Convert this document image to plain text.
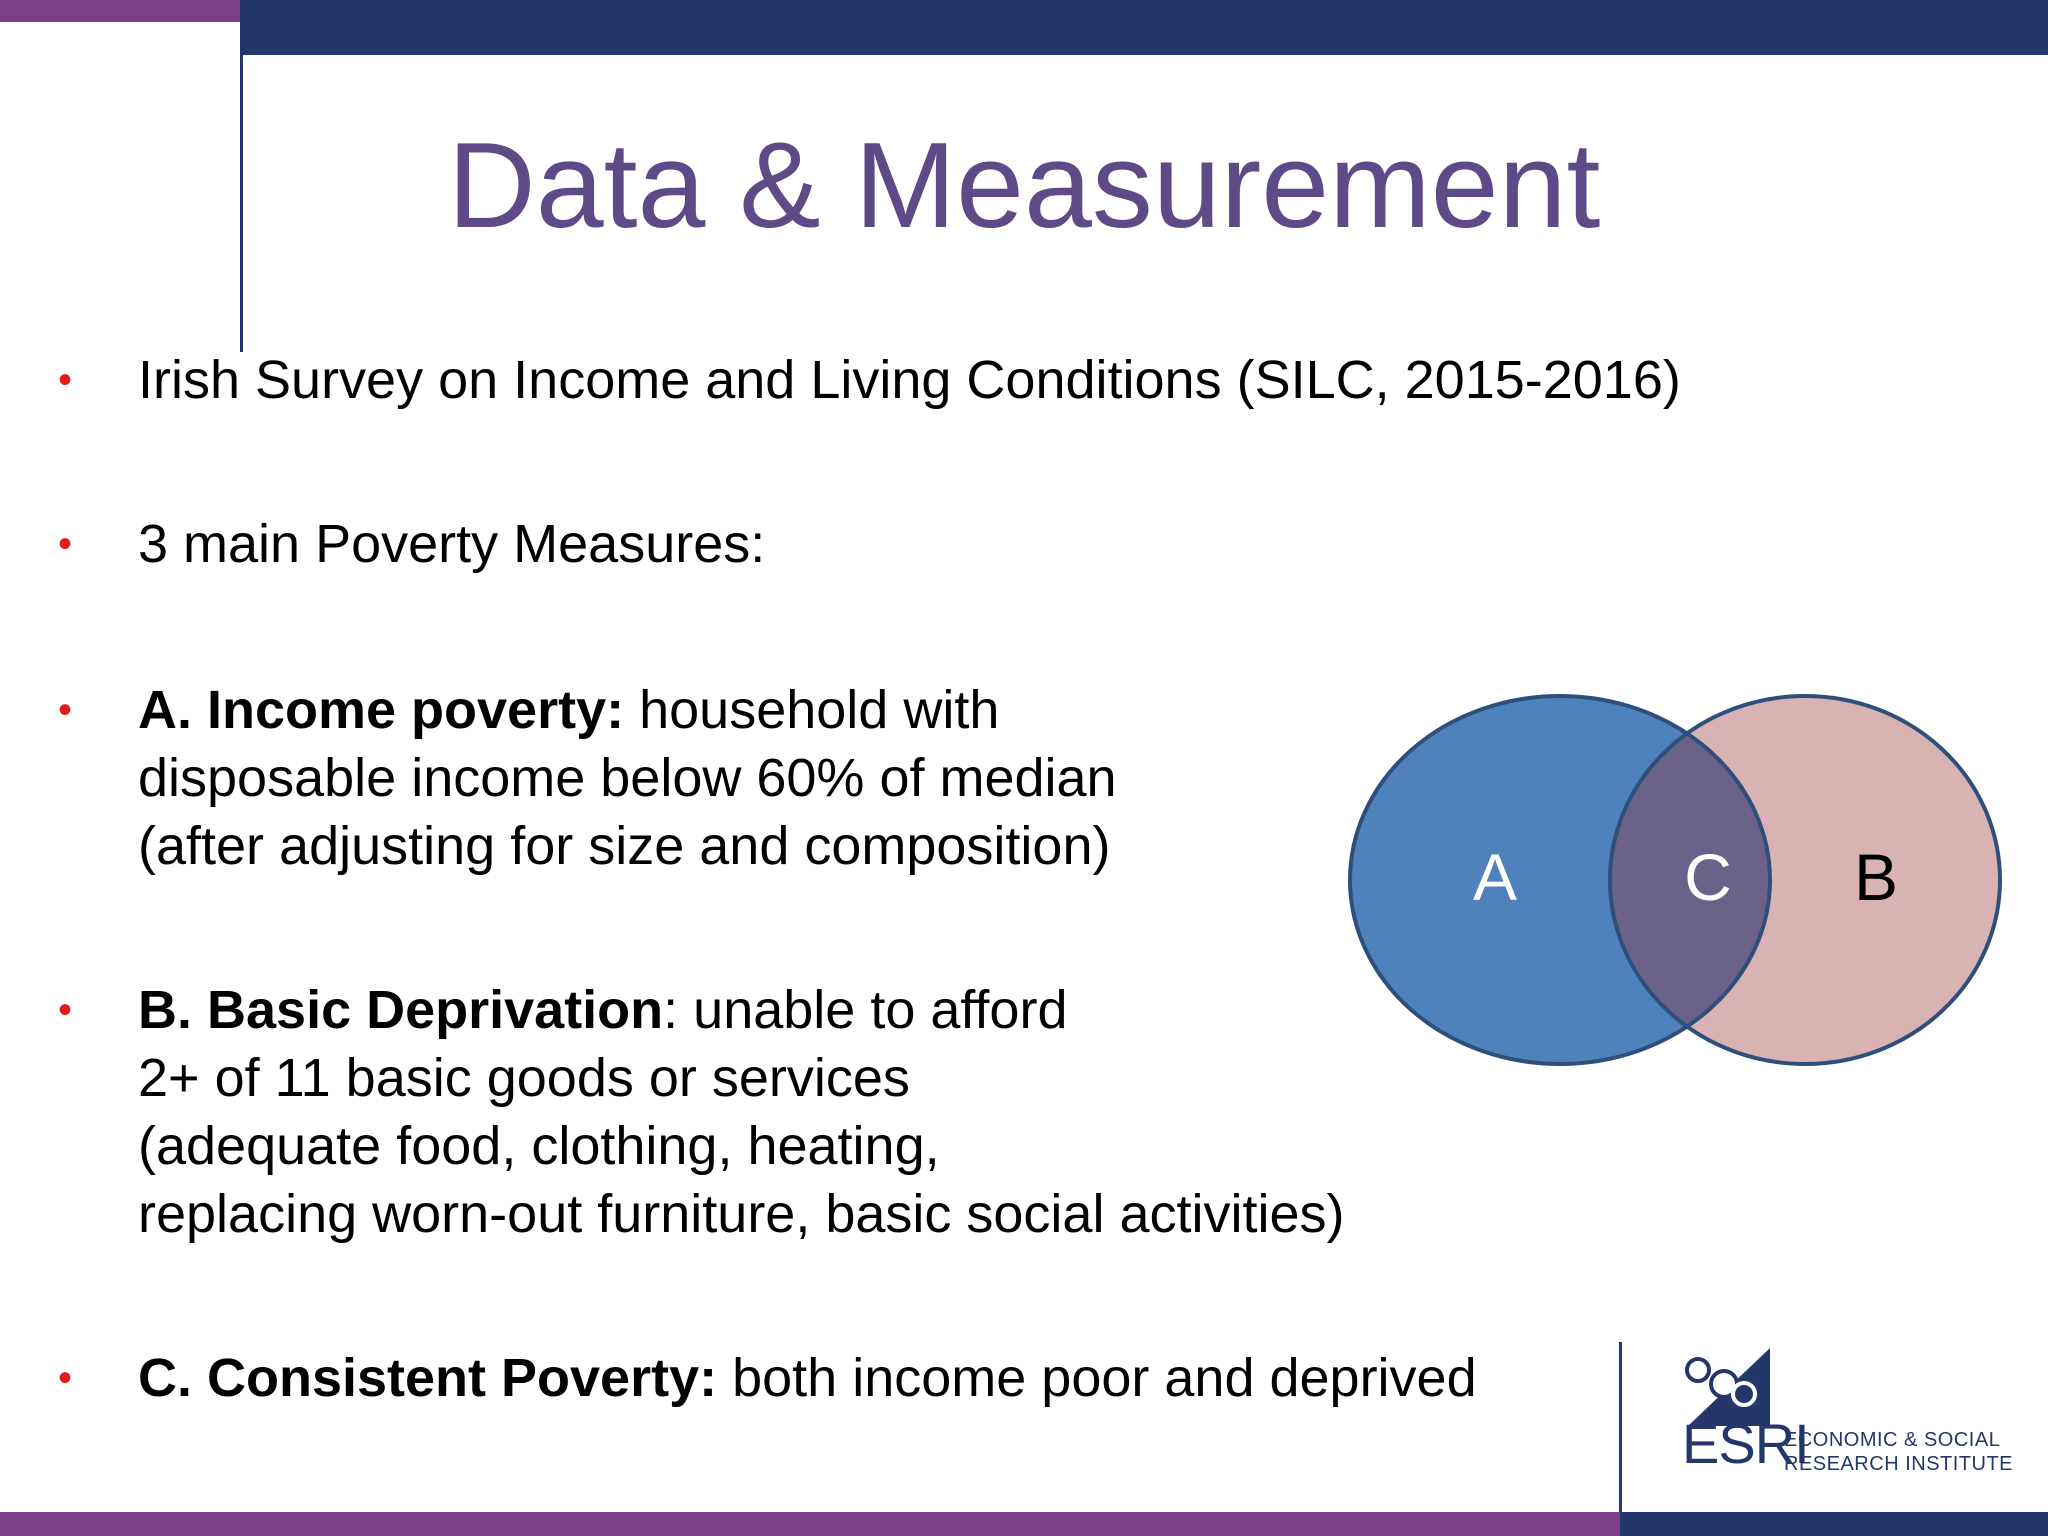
Data & Measurement
• Irish Survey on Income and Living Conditions (SILC, 2015-2016)
• 3 main Poverty Measures:
• A. Income poverty: household with
disposable income below 60% of median
(after adjusting for size and composition)
• B. Basic Deprivation: unable to afford
2+ of 11 basic goods or services
(adequate food, clothing, heating,
replacing worn-out furniture, basic social activities)
• C. Consistent Poverty: both income poor and deprived
A	C B
ESRI
ECONOMIC & SOCIAL
RESEARCH INSTITUTE
